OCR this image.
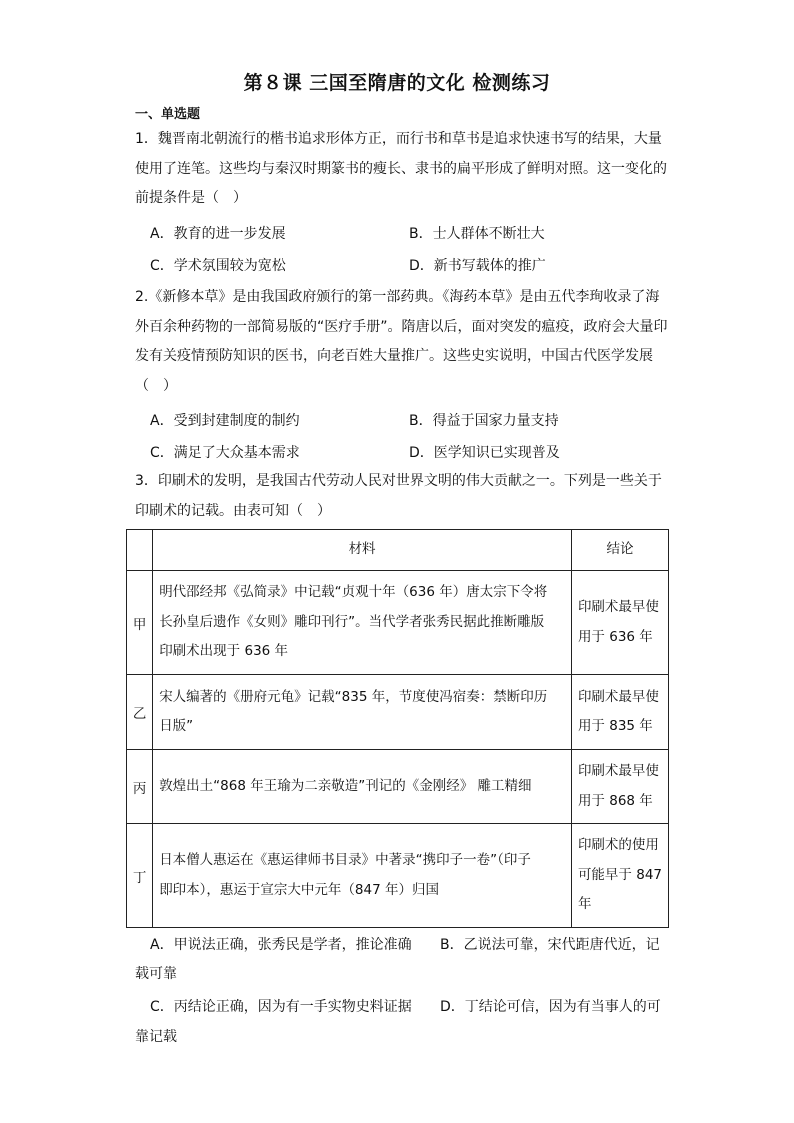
第８课 三国至隋唐的文化 检测练习
一、单选题
1．魏晋南北朝流行的楷书追求形体方正，而行书和草书是追求快速书写的结果，大量
使用了连笔。这些均与秦汉时期篆书的瘦长、隶书的扁平形成了鲜明对照。这一变化的
前提条件是（　）
A．教育的进一步发展	B．士人群体不断壮大
C．学术氛围较为宽松	D．新书写载体的推广
2.《新修本草》是由我国政府颁行的第一部药典。《海药本草》是由五代李珣收录了海
外百余种药物的一部简易版的“医疗手册”。隋唐以后，面对突发的瘟疫，政府会大量印
发有关疫情预防知识的医书，向老百姓大量推广。这些史实说明，中国古代医学发展
（　）
A．受到封建制度的制约	B．得益于国家力量支持
C．满足了大众基本需求	D．医学知识已实现普及
3．印刷术的发明，是我国古代劳动人民对世界文明的伟大贡献之一。下列是一些关于
印刷术的记载。由表可知（　）
	材料	结论
甲	明代邵经邦《弘简录》中记载“贞观十年（636 年）唐太宗下令将
长孙皇后遗作《女则》雕印刊行”。当代学者张秀民据此推断雕版
印刷术出现于 636 年	印刷术最早使
用于 636 年

乙	宋人编著的《册府元龟》记载“835 年，节度使冯宿奏：禁断印历
日版”	印刷术最早使
用于 835 年

丙	敦煌出土“868 年王瑜为二亲敬造”刊记的《金刚经》 雕工精细	印刷术最早使
用于 868 年

丁	日本僧人惠运在《惠运律师书目录》中著录“携印子一卷”（印子
即印本），惠运于宣宗大中元年（847 年）归国	印刷术的使用
可能早于 847
年
A．甲说法正确，张秀民是学者，推论准确 B．乙说法可靠，宋代距唐代近，记
载可靠
C．丙结论正确，因为有一手实物史料证据 D．丁结论可信，因为有当事人的可
靠记载
